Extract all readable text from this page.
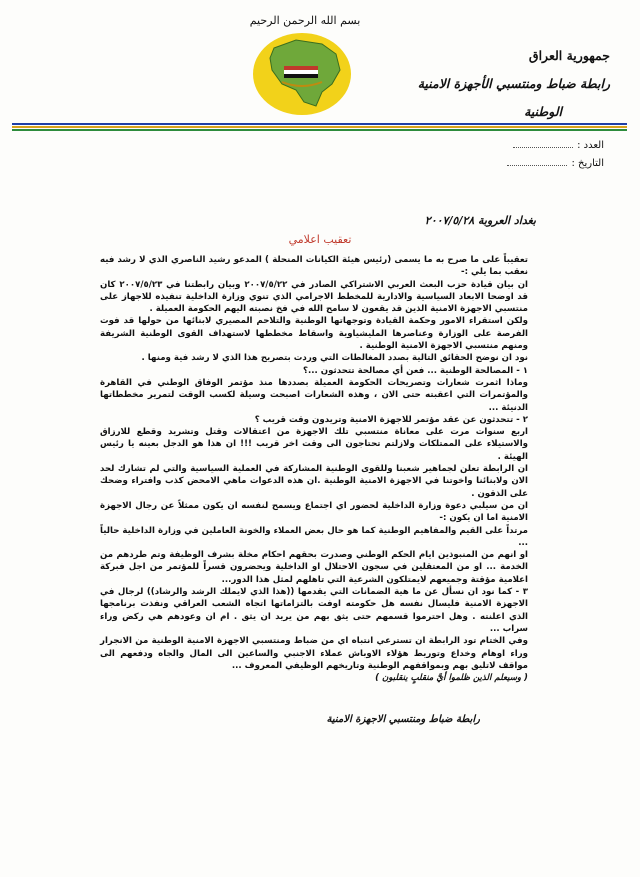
بسم الله الرحمن الرحيم
جمهورية العراق
رابطة ضباط ومنتسبي الأجهزة الامنية
الوطنية
العدد :
التاريخ :
بغداد العروبة ٢٠٠٧/٥/٢٨
تعقيب اعلامي

تعقيباً على ما صرح به ما يسمى (رئيس هيئة الكيانات المنحلة ) المدعو رشيد الناصري الذي لا رشد فيه نعقب بما يلي :-

ان بيان قيادة حزب البعث العربي الاشتراكي الصادر في ٢٠٠٧/٥/٢٢ وبيان رابطتنا في ٢٠٠٧/٥/٢٣ كان قد اوضحا الابعاد السياسية والادارية للمخطط الاجرامي الذي تنوي وزارة الداخلية تنفيذه للاجهاز على منتسبي الاجهزة الامنية الذين قد يقعون لا سامح الله في فخ نصبته اليهم الحكومة العميلة .

ولكن استقراء الامور وحكمة القيادة وتوجهاتها الوطنية والتلاحم المصيري لابنائها من حولها قد فوت الفرصة على الوزارة وعناصرها المليشياوية واسقاط مخططها لاستهداف القوى الوطنية الشريفة ومنهم منتسبي الاجهزة الامنية الوطنية .

نود ان نوضح الحقائق التالية بصدد المغالطات التي وردت بتصريح هذا الذي لا رشد فية ومنها .

١ - المصالحة الوطنية ... فعن أي مصالحة تتحدثون ...؟

وماذا اثمرت شعارات وتصريحات الحكومة العميلة بصددها منذ مؤتمر الوفاق الوطني في القاهرة والمؤتمرات التي اعقبته حتى الان ، وهذه الشعارات اصبحت وسيلة لكسب الوقت لتمرير مخططاتها الدنيئة ...

٢ - تتحدثون عن عقد مؤتمر للاجهزة الامنية وتريدون وقت قريب ؟

اربع سنوات مرت على معاناة منتسبي تلك الاجهزة من اعتقالات وقتل وتشريد وقطع للارزاق والاستيلاء على الممتلكات ولازلتم تحتاجون الى وقت اخر قريب !!! ان هذا هو الدجل بعينه يا رئيس الهيئة .

ان الرابطة تعلن لجماهير شعبنا وللقوى الوطنية المشاركة في العملية السياسية والتي لم تشارك لحد الان ولابنائنا واخوتنا في الاجهزة الامنية الوطنية .ان هذه الدعوات ماهي الامحض كذب وافتراء وضحك على الذقون .

ان من سيلبي دعوة وزارة الداخلية لحضور اي اجتماع ويسمح لنفسه ان يكون ممثلاً عن رجال الاجهزة الامنية اما ان يكون :-

مرتداً على القيم والمفاهيم الوطنية كما هو حال بعض العملاء والخونة العاملين في وزارة الداخلية حالياً ...

او انهم من المنبوذين ايام الحكم الوطني وصدرت بحقهم احكام مخلة بشرف الوظيفة وتم طردهم من الخدمة ... او من المعتقلين في سجون الاحتلال او الداخلية ويحضرون قسراً للمؤتمر من اجل فبركة اعلامية مؤقتة وجميعهم لايمتلكون الشرعية التي تاهلهم لمثل هذا الدور...

٣ - كما نود ان نسأل عن ما هية الضمانات التي يقدمها ((هذا الذي لايملك الرشد والرشاد)) لرجال في الاجهزة الامنية فليسال نفسه هل حكومته اوفت بالتزاماتها اتجاه الشعب العراقي ونفذت برنامجها الذي اعلنته . وهل احترموا قسمهم حتى يثق بهم من يريد ان يثق . ام ان وعودهم هي ركض وراء سراب ...

وفي الختام تود الرابطة ان تسترعي انتباه اي من ضباط ومنتسبي الاجهزة الامنية الوطنية من الانجرار وراء اوهام وخداع وتوريط هؤلاء الاوباش عملاء الاجنبي والساعين الى المال والجاه ودفعهم الى مواقف لاتليق بهم وبمواقفهم الوطنية وتاريخهم الوظيفي المعروف ...

( وسيعلم الذين ظلموا أيَّ منقلبٍ ينقلبون )

رابطة ضباط ومنتسبي الاجهزة الامنية
